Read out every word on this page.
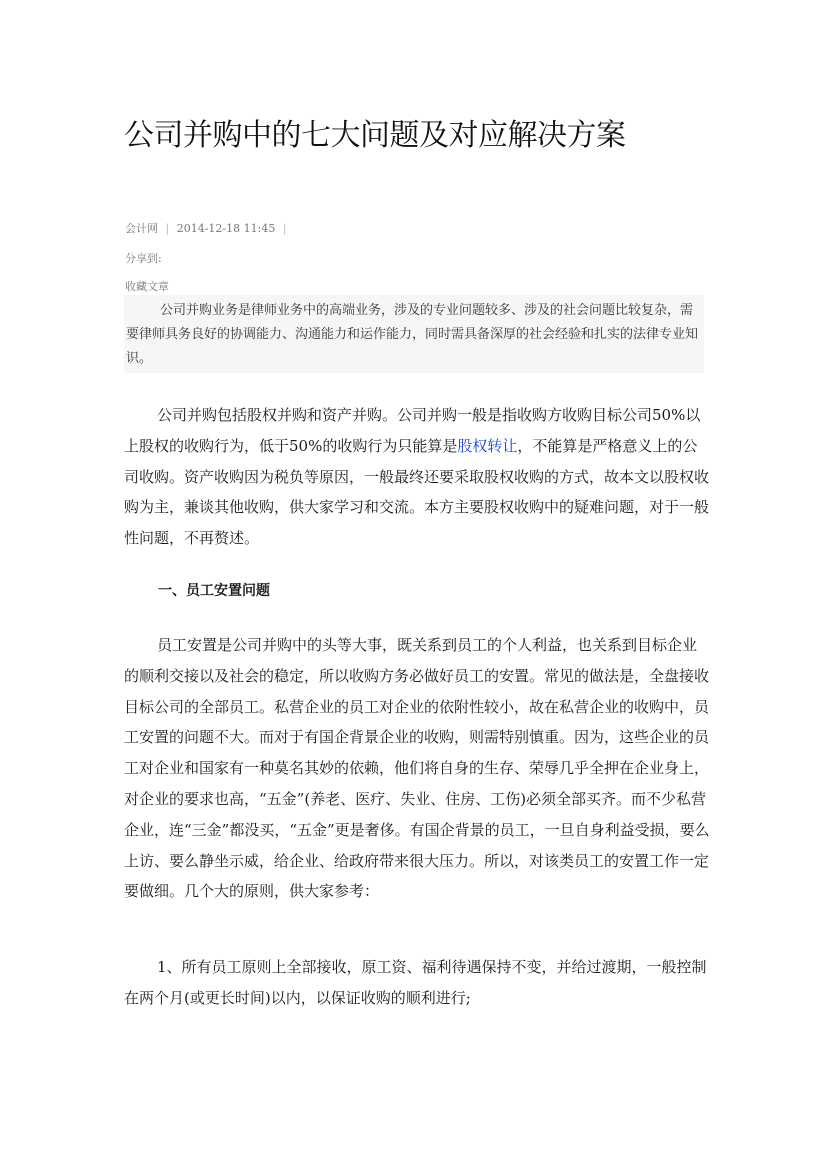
公司并购中的七大问题及对应解决方案
会计网 | 2014-12-18 11:45 |
分享到:
收藏文章

公司并购业务是律师业务中的高端业务，涉及的专业问题较多、涉及的社会问题比较复杂，需要律师具务良好的协调能力、沟通能力和运作能力，同时需具备深厚的社会经验和扎实的法律专业知识。

公司并购包括股权并购和资产并购。公司并购一般是指收购方收购目标公司50%以上股权的收购行为，低于50%的收购行为只能算是股权转让，不能算是严格意义上的公司收购。资产收购因为税负等原因，一般最终还要采取股权收购的方式，故本文以股权收购为主，兼谈其他收购，供大家学习和交流。本方主要股权收购中的疑难问题，对于一般性问题，不再赘述。

一、员工安置问题

员工安置是公司并购中的头等大事，既关系到员工的个人利益，也关系到目标企业的顺利交接以及社会的稳定，所以收购方务必做好员工的安置。常见的做法是，全盘接收目标公司的全部员工。私营企业的员工对企业的依附性较小，故在私营企业的收购中，员工安置的问题不大。而对于有国企背景企业的收购，则需特别慎重。因为，这些企业的员工对企业和国家有一种莫名其妙的依赖，他们将自身的生存、荣辱几乎全押在企业身上，对企业的要求也高，“五金”(养老、医疗、失业、住房、工伤)必须全部买齐。而不少私营企业，连“三金”都没买，“五金”更是奢侈。有国企背景的员工，一旦自身利益受损，要么上访、要么静坐示威，给企业、给政府带来很大压力。所以，对该类员工的安置工作一定要做细。几个大的原则，供大家参考：

1、所有员工原则上全部接收，原工资、福利待遇保持不变，并给过渡期，一般控制在两个月(或更长时间)以内，以保证收购的顺利进行;
